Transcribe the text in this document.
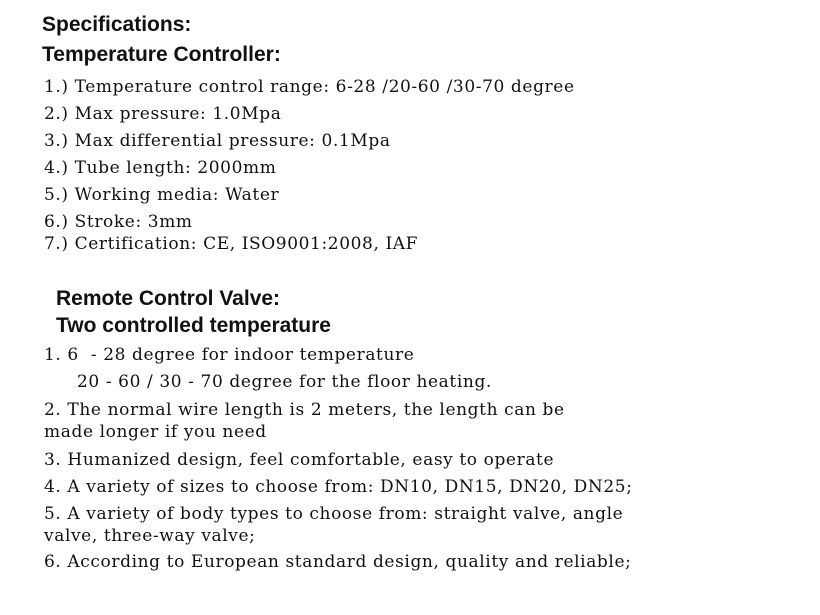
Specifications:
Temperature Controller:
1.) Temperature control range: 6-28 /20-60 /30-70 degree
2.) Max pressure: 1.0Mpa
3.) Max differential pressure: 0.1Mpa
4.) Tube length: 2000mm
5.) Working media: Water
6.) Stroke: 3mm
7.) Certification: CE, ISO9001:2008, IAF
Remote Control Valve:
Two controlled temperature
1. 6  - 28 degree for indoor temperature
20 - 60 / 30 - 70 degree for the floor heating.
2. The normal wire length is 2 meters, the length can be
made longer if you need
3. Humanized design, feel comfortable, easy to operate
4. A variety of sizes to choose from: DN10, DN15, DN20, DN25;
5. A variety of body types to choose from: straight valve, angle
valve, three-way valve;
6. According to European standard design, quality and reliable;
